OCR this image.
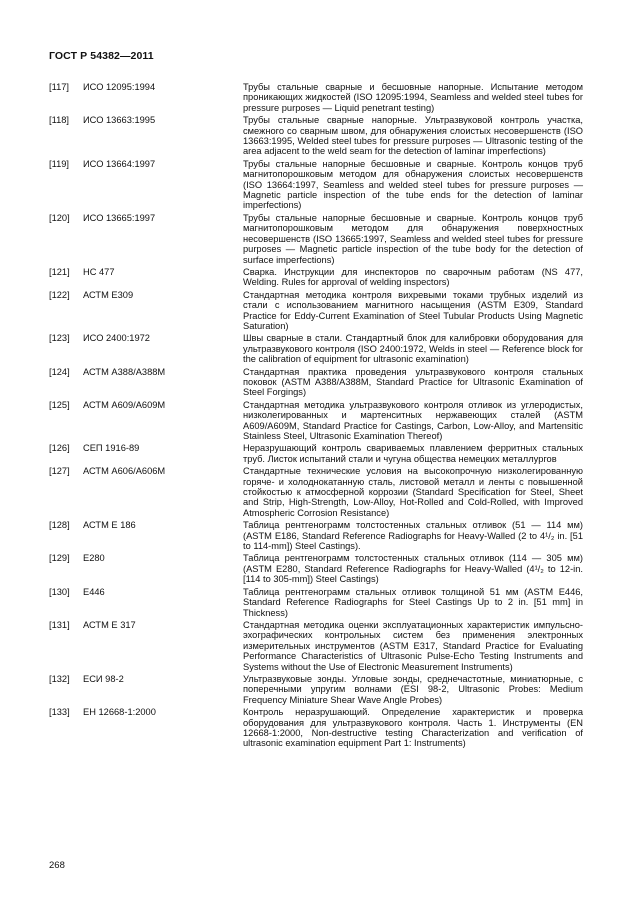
ГОСТ Р 54382—2011
[117]	ИСО 12095:1994	Трубы стальные сварные и бесшовные напорные. Испытание методом проникающих жидкостей (ISO 12095:1994, Seamless and welded steel tubes for pressure purposes — Liquid penetrant testing)
[118]	ИСО 13663:1995	Трубы стальные сварные напорные. Ультразвуковой контроль участка, смежного со сварным швом, для обнаружения слоистых несовершенств (ISO 13663:1995, Welded steel tubes for pressure purposes — Ultrasonic testing of the area adjacent to the weld seam for the detection of laminar imperfections)
[119]	ИСО 13664:1997	Трубы стальные напорные бесшовные и сварные. Контроль концов труб магнитопорошковым методом для обнаружения слоистых несовершенств (ISO 13664:1997, Seamless and welded steel tubes for pressure purposes — Magnetic particle inspection of the tube ends for the detection of laminar imperfections)
[120]	ИСО 13665:1997	Трубы стальные напорные бесшовные и сварные. Контроль концов труб магнитопорошковым методом для обнаружения поверхностных несовершенств (ISO 13665:1997, Seamless and welded steel tubes for pressure purposes — Magnetic particle inspection of the tube body for the detection of surface imperfections)
[121]	НС 477	Сварка. Инструкции для инспекторов по сварочным работам (NS 477, Welding. Rules for approval of welding inspectors)
[122]	АСТМ Е309	Стандартная методика контроля вихревыми токами трубных изделий из стали с использованием магнитного насыщения (ASTM E309, Standard Practice for Eddy-Current Examination of Steel Tubular Products Using Magnetic Saturation)
[123]	ИСО 2400:1972	Швы сварные в стали. Стандартный блок для калибровки оборудования для ультразвукового контроля (ISO 2400:1972, Welds in steel — Reference block for the calibration of equipment for ultrasonic examination)
[124]	АСТМ А388/А388М	Стандартная практика проведения ультразвукового контроля стальных поковок (ASTM A388/A388M, Standard Practice for Ultrasonic Examination of Steel Forgings)
[125]	АСТМ А609/А609М	Стандартная методика ультразвукового контроля отливок из углеродистых, низколегированных и мартенситных нержавеющих сталей (ASTM A609/A609M, Standard Practice for Castings, Carbon, Low-Alloy, and Martensitic Stainless Steel, Ultrasonic Examination Thereof)
[126]	СЕП 1916-89	Неразрушающий контроль свариваемых плавлением ферритных стальных труб. Листок испытаний стали и чугуна общества немецких металлургов
[127]	АСТМ А606/А606М	Стандартные технические условия на высокопрочную низколегированную горяче- и холоднокатанную сталь, листовой металл и ленты с повышенной стойкостью к атмосферной коррозии (Standard Specification for Steel, Sheet and Strip, High-Strength, Low-Alloy, Hot-Rolled and Cold-Rolled, with Improved Atmospheric Corrosion Resistance)
[128]	АСТМ Е 186	Таблица рентгенограмм толстостенных стальных отливок (51 — 114 мм) (ASTM E186, Standard Reference Radiographs for Heavy-Walled (2 to 4¹/₂ in. [51 to 114-mm]) Steel Castings).
[129]	Е280	Таблица рентгенограмм толстостенных стальных отливок (114 — 305 мм) (ASTM E280, Standard Reference Radiographs for Heavy-Walled (4¹/₂ to 12-in. [114 to 305-mm]) Steel Castings)
[130]	Е446	Таблица рентгенограмм стальных отливок толщиной 51 мм (ASTM E446, Standard Reference Radiographs for Steel Castings Up to 2 in. [51 mm] in Thickness)
[131]	АСТМ Е 317	Стандартная методика оценки эксплуатационных характеристик импульсно-эхографических контрольных систем без применения электронных измерительных инструментов (ASTM E317, Standard Practice for Evaluating Performance Characteristics of Ultrasonic Pulse-Echo Testing Instruments and Systems without the Use of Electronic Measurement Instruments)
[132]	ЕСИ 98-2	Ультразвуковые зонды. Угловые зонды, среднечастотные, миниатюрные, с поперечными упругим волнами (ESI 98-2, Ultrasonic Probes: Medium Frequency Miniature Shear Wave Angle Probes)
[133]	ЕН 12668-1:2000	Контроль неразрушающий. Определение характеристик и проверка оборудования для ультразвукового контроля. Часть 1. Инструменты (EN 12668-1:2000, Non-destructive testing Characterization and verification of ultrasonic examination equipment Part 1: Instruments)
268
